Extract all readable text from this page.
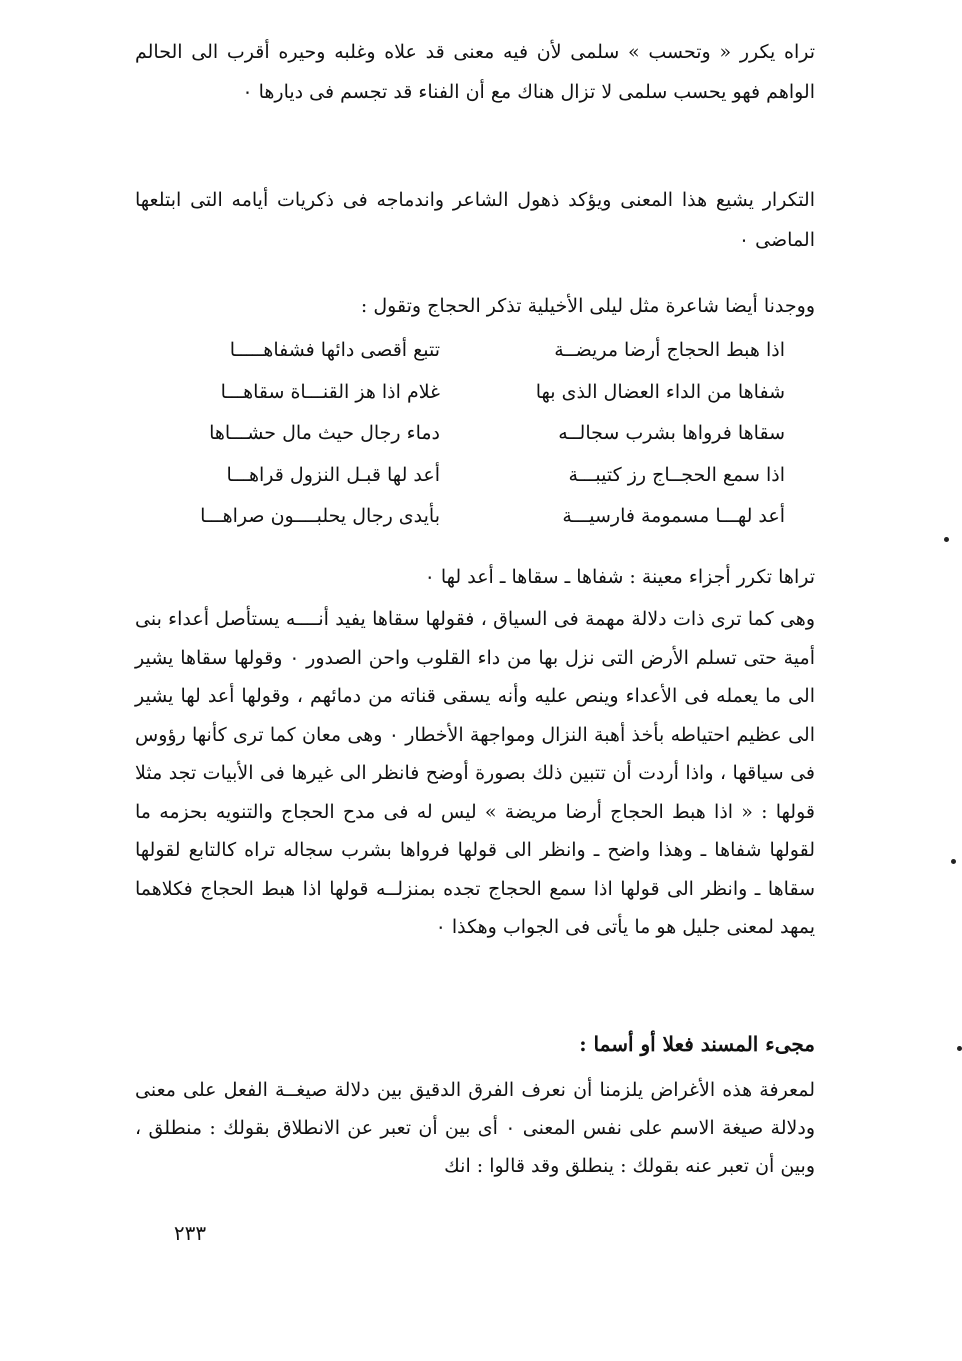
تراه يكرر « وتحسب » سلمى لأن فيه معنى قد علاه وغلبه وحيره أقرب الى الحالم الواهم فهو يحسب سلمى لا تزال هناك مع أن الفناء قد تجسم فى ديارها ٠
التكرار يشيع هذا المعنى ويؤكد ذهول الشاعر واندماجه فى ذكريات أيامه التى ابتلعها الماضى ٠
ووجدنا أيضا شاعرة مثل ليلى الأخيلية تذكر الحجاج وتقول :
اذا هبط الحجاج أرضا مريضــة
تتبع أقصى دائها فشفاهـــــا
شفاها من الداء العضال الذى بها
غلام اذا هز القنـــاة سقاهـــا
سقاها فرواها بشرب سجالــه
دماء رجال حيث مال حشـــاها
اذا سمع الحجــاج رز كتيبـــة
أعد لها قبـل النزول قراهـــا
أعد لهـــا مسمومة فارسيـــة
بأيدى رجال يحلبــــون صراهـــا
تراها تكرر أجزاء معينة : شفاها ـ سقاها ـ أعد لها ٠
وهى كما ترى ذات دلالة مهمة فى السياق ، فقولها سقاها يفيد أنــــه يستأصل أعداء بنى أمية حتى تسلم الأرض التى نزل بها من داء القلوب واحن الصدور ٠ وقولها سقاها يشير الى ما يعمله فى الأعداء وينص عليه وأنه يسقى قناته من دمائهم ، وقولها أعد لها يشير الى عظيم احتياطه بأخذ أهبة النزال ومواجهة الأخطار ٠ وهى معان كما ترى كأنها رؤوس فى سياقها ، واذا أردت أن تتبين ذلك بصورة أوضح فانظر الى غيرها فى الأبيات تجد مثلا قولها : « اذا هبط الحجاج أرضا مريضة » ليس له فى مدح الحجاج والتنويه بحزمه ما لقولها شفاها ـ وهذا واضح ـ وانظر الى قولها فرواها بشرب سجاله تراه كالتابع لقولها سقاها ـ وانظر الى قولها اذا سمع الحجاج تجده بمنزلــه قولها اذا هبط الحجاج فكلاهما يمهد لمعنى جليل هو ما يأتى فى الجواب وهكذا ٠
مجىء المسند فعلا أو أسما :
لمعرفة هذه الأغراض يلزمنا أن نعرف الفرق الدقيق بين دلالة صيغــة الفعل على معنى ودلالة صيغة الاسم على نفس المعنى ٠ أى بين أن تعبر عن الانطلاق بقولك : منطلق ، وبين أن تعبر عنه بقولك : ينطلق وقد قالوا : انك
٢٣٣
